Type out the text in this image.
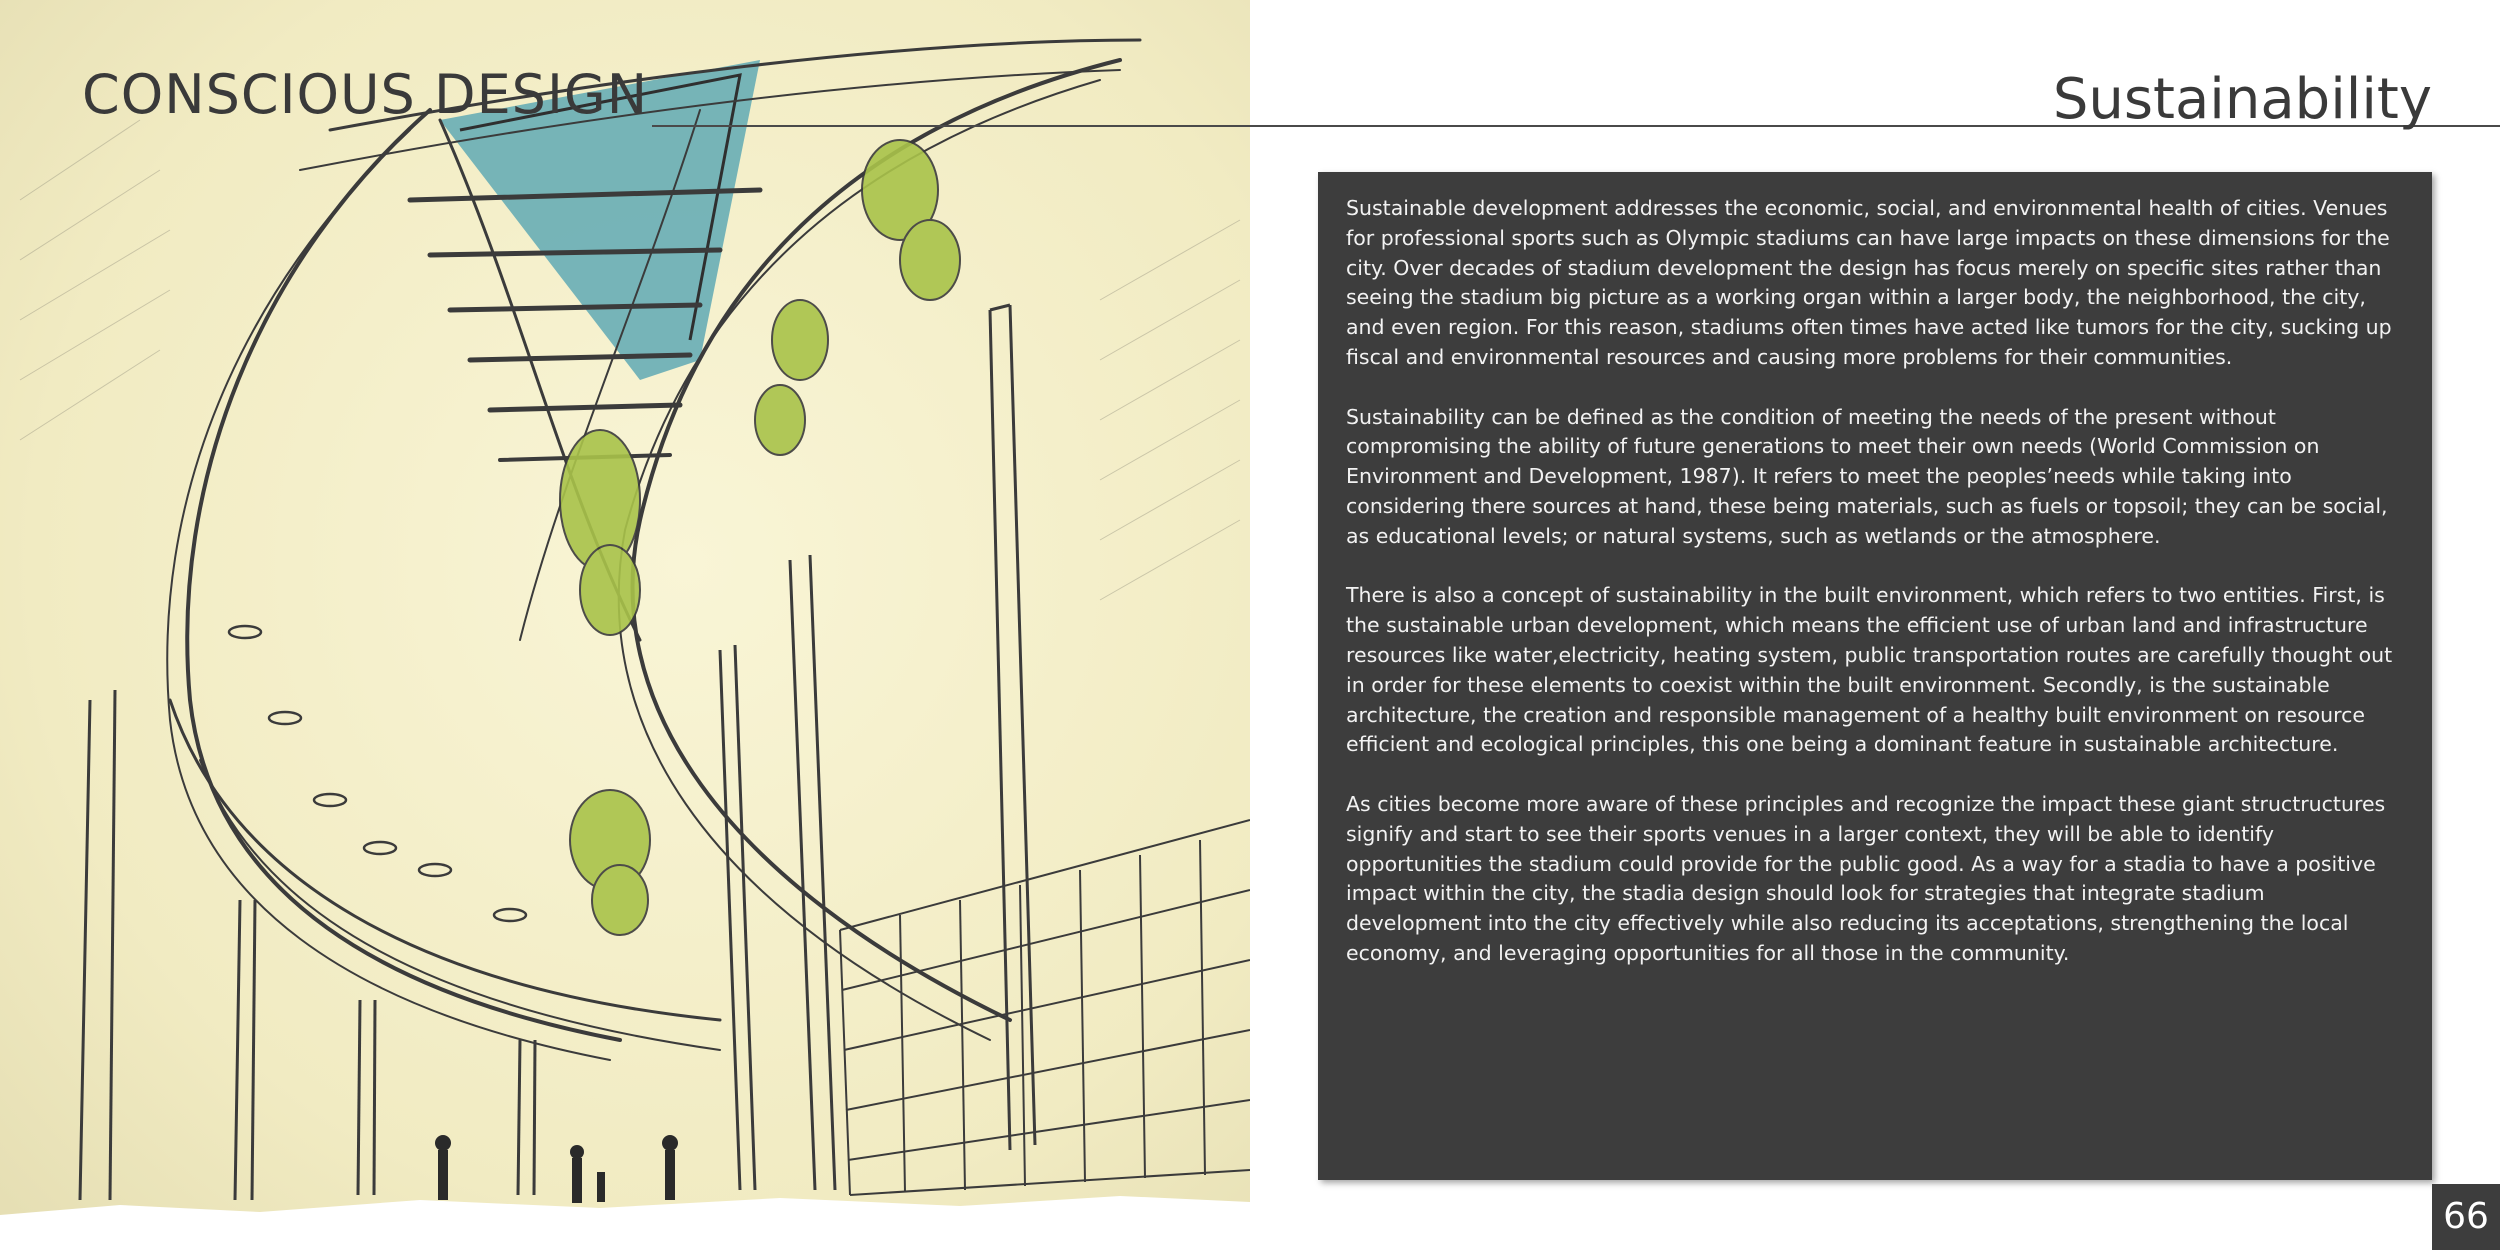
CONSCIOUS DESIGN	Sustainability

Sustainable development addresses the economic, social, and environmental health of cities. Venues for professional sports such as Olympic stadiums can have large impacts on these dimensions for the city. Over decades of stadium development the design has focus merely on specific sites rather than seeing the stadium big picture as a working organ within a larger body, the neighborhood, the city, and even region. For this reason, stadiums often times have acted like tumors for the city, sucking up fiscal and environmental resources and causing more problems for their communities.

Sustainability can be defined as the condition of meeting the needs of the present without compromising the ability of future generations to meet their own needs (World Commission on Environment and Development, 1987). It refers to meet the peoples’needs while taking into considering there sources at hand, these being materials, such as fuels or topsoil; they can be social, as educational levels; or natural systems, such as wetlands or the atmosphere.

There is also a concept of sustainability in the built environment, which refers to two entities. First, is the sustainable urban development, which means the efficient use of urban land and infrastructure resources like water,electricity, heating system, public transportation routes are carefully thought out in order for these elements to coexist within the built environment. Secondly, is the sustainable architecture, the creation and responsible management of a healthy built environment on resource efficient and ecological principles, this one being a dominant feature in sustainable architecture.

As cities become more aware of these principles and recognize the impact these giant structructures signify and start to see their sports venues in a larger context, they will be able to identify opportunities the stadium could provide for the public good. As a way for a stadia to have a positive impact within the city, the stadia design should look for strategies that integrate stadium development into the city effectively while also reducing its acceptations, strengthening the local economy, and leveraging opportunities for all those in the community.

66
